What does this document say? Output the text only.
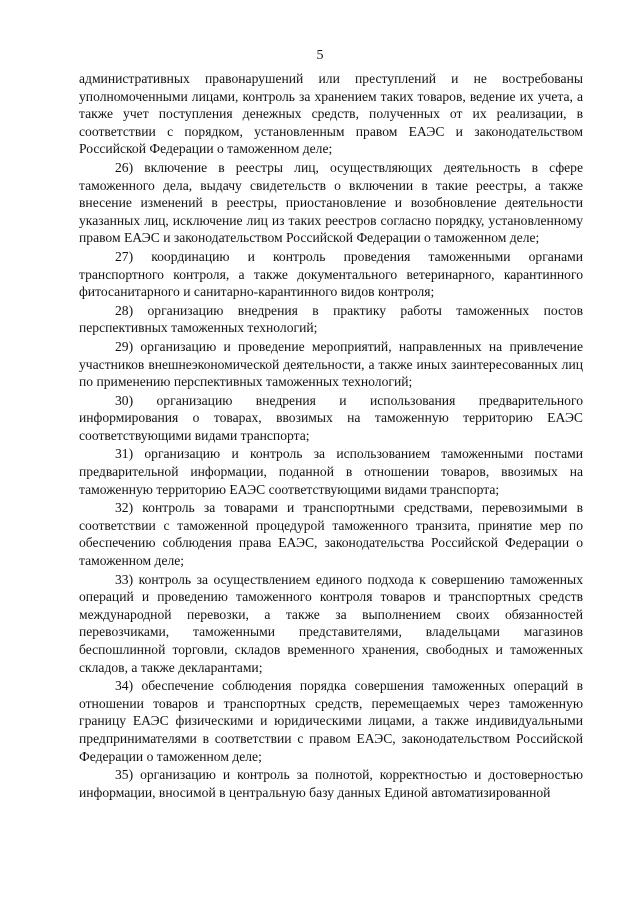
5

административных правонарушений или преступлений и не востребованы уполномоченными лицами, контроль за хранением таких товаров, ведение их учета, а также учет поступления денежных средств, полученных от их реализации, в соответствии с порядком, установленным правом ЕАЭС и законодательством Российской Федерации о таможенном деле;

26) включение в реестры лиц, осуществляющих деятельность в сфере таможенного дела, выдачу свидетельств о включении в такие реестры, а также внесение изменений в реестры, приостановление и возобновление деятельности указанных лиц, исключение лиц из таких реестров согласно порядку, установленному правом ЕАЭС и законодательством Российской Федерации о таможенном деле;

27) координацию и контроль проведения таможенными органами транспортного контроля, а также документального ветеринарного, карантинного фитосанитарного и санитарно-карантинного видов контроля;

28) организацию внедрения в практику работы таможенных постов перспективных таможенных технологий;

29) организацию и проведение мероприятий, направленных на привлечение участников внешнеэкономической деятельности, а также иных заинтересованных лиц по применению перспективных таможенных технологий;

30) организацию внедрения и использования предварительного информирования о товарах, ввозимых на таможенную территорию ЕАЭС соответствующими видами транспорта;

31) организацию и контроль за использованием таможенными постами предварительной информации, поданной в отношении товаров, ввозимых на таможенную территорию ЕАЭС соответствующими видами транспорта;

32) контроль за товарами и транспортными средствами, перевозимыми в соответствии с таможенной процедурой таможенного транзита, принятие мер по обеспечению соблюдения права ЕАЭС, законодательства Российской Федерации о таможенном деле;

33) контроль за осуществлением единого подхода к совершению таможенных операций и проведению таможенного контроля товаров и транспортных средств международной перевозки, а также за выполнением своих обязанностей перевозчиками, таможенными представителями, владельцами магазинов беспошлинной торговли, складов временного хранения, свободных и таможенных складов, а также декларантами;

34) обеспечение соблюдения порядка совершения таможенных операций в отношении товаров и транспортных средств, перемещаемых через таможенную границу ЕАЭС физическими и юридическими лицами, а также индивидуальными предпринимателями в соответствии с правом ЕАЭС, законодательством Российской Федерации о таможенном деле;

35) организацию и контроль за полнотой, корректностью и достоверностью информации, вносимой в центральную базу данных Единой автоматизированной
